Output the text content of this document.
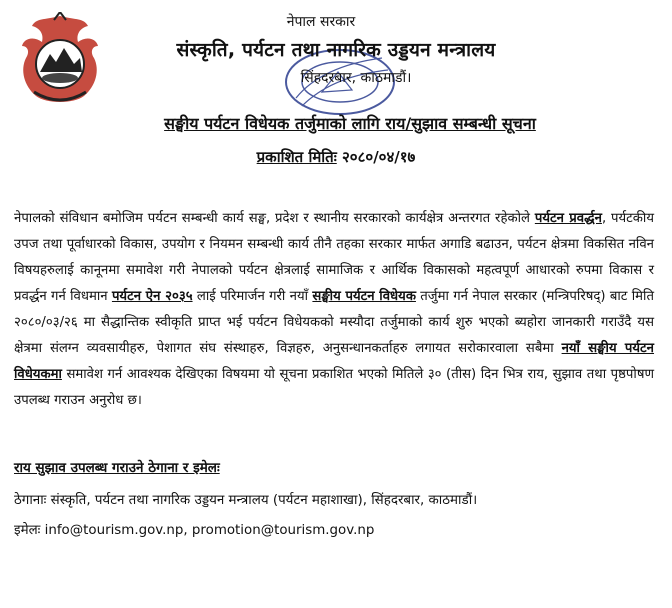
नेपाल सरकार
संस्कृति, पर्यटन तथा नागरिक उड्डयन मन्त्रालय
सिंहदरबार, काठमाडौं।
सङ्घीय पर्यटन विधेयक तर्जुमाको लागि राय/सुझाव सम्बन्धी सूचना
प्रकाशित मितिः २०८०/०४/१७

नेपालको संविधान बमोजिम पर्यटन सम्बन्धी कार्य सङ्घ, प्रदेश र स्थानीय सरकारको कार्यक्षेत्र अन्तरगत रहेकोले पर्यटन प्रवर्द्धन, पर्यटकीय उपज तथा पूर्वाधारको विकास, उपयोग र नियमन सम्बन्धी कार्य तीनै तहका सरकार मार्फत अगाडि बढाउन, पर्यटन क्षेत्रमा विकसित नविन विषयहरुलाई कानूनमा समावेश गरी नेपालको पर्यटन क्षेत्रलाई सामाजिक र आर्थिक विकासको महत्वपूर्ण आधारको रुपमा विकास र प्रवर्द्धन गर्न विधमान पर्यटन ऐन २०३५ लाई परिमार्जन गरी नयाँ सङ्घीय पर्यटन विधेयक तर्जुमा गर्न नेपाल सरकार (मन्त्रिपरिषद्) बाट मिति २०८०/०३/२६ मा सैद्धान्तिक स्वीकृति प्राप्त भई पर्यटन विधेयकको मस्यौदा तर्जुमाको कार्य शुरु भएको ब्यहोरा जानकारी गराउँदै यस क्षेत्रमा संलग्न व्यवसायीहरु, पेशागत संघ संस्थाहरु, विज्ञहरु, अनुसन्धानकर्ताहरु लगायत सरोकारवाला सबैमा नयाँ सङ्घीय पर्यटन विधेयकमा समावेश गर्न आवश्यक देखिएका विषयमा यो सूचना प्रकाशित भएको मितिले ३० (तीस) दिन भित्र राय, सुझाव तथा पृष्ठपोषण उपलब्ध गराउन अनुरोध छ।

राय सुझाव उपलब्ध गराउने ठेगाना र इमेलः
ठेगानाः संस्कृति, पर्यटन तथा नागरिक उड्डयन मन्त्रालय (पर्यटन महाशाखा), सिंहदरबार, काठमाडौं।
इमेलः info@tourism.gov.np, promotion@tourism.gov.np
